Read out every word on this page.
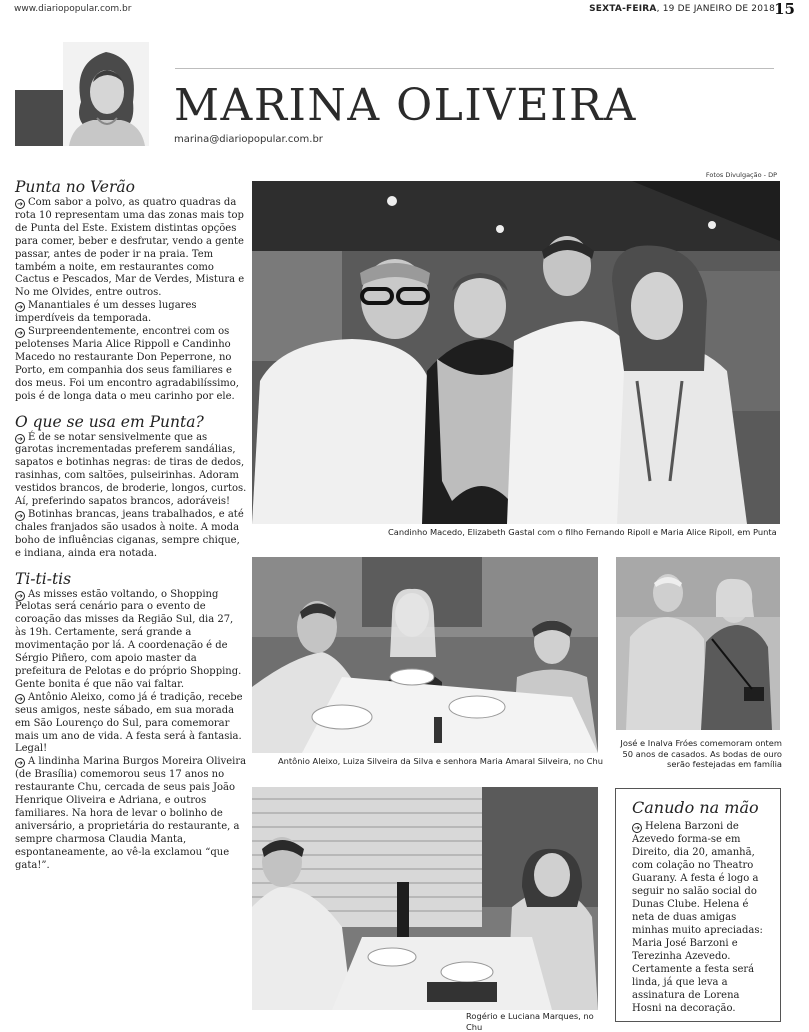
www.diariopopular.com.br	SEXTA-FEIRA, 19 DE JANEIRO DE 2018 15
MARINA OLIVEIRA
marina@diariopopular.com.br
Fotos Divulgação - DP
Punta no Verão

➔ Com sabor a polvo, as quatro quadras da rota 10 representam uma das zonas mais top de Punta del Este. Existem distintas opções para comer, beber e desfrutar, vendo a gente passar, antes de poder ir na praia. Tem também a noite, em restaurantes como Cactus e Pescados, Mar de Verdes, Mistura e No me Olvides, entre outros.

➔ Manantiales é um desses lugares imperdíveis da temporada.

➔ Surpreendentemente, encontrei com os pelotenses Maria Alice Rippoll e Candinho Macedo no restaurante Don Peperrone, no Porto, em companhia dos seus familiares e dos meus. Foi um encontro agradabilíssimo, pois é de longa data o meu carinho por ele.

O que se usa em Punta?

➔ É de se notar sensivelmente que as garotas incrementadas preferem sandálias, sapatos e botinhas negras: de tiras de dedos, rasinhas, com saltões, pulseirinhas. Adoram vestidos brancos, de broderie, longos, curtos. Aí, preferindo sapatos brancos, adoráveis!

➔ Botinhas brancas, jeans trabalhados, e até chales franjados são usados à noite. A moda boho de influências ciganas, sempre chique, e indiana, ainda era notada.

Ti-ti-tis

➔ As misses estão voltando, o Shopping Pelotas será cenário para o evento de coroação das misses da Região Sul, dia 27, às 19h. Certamente, será grande a movimentação por lá. A coordenação é de Sérgio Piñero, com apoio master da prefeitura de Pelotas e do próprio Shopping. Gente bonita é que não vai faltar.

➔ Antônio Aleixo, como já é tradição, recebe seus amigos, neste sábado, em sua morada em São Lourenço do Sul, para comemorar mais um ano de vida. A festa será à fantasia. Legal!

➔ A lindinha Marina Burgos Moreira Oliveira (de Brasília) comemorou seus 17 anos no restaurante Chu, cercada de seus pais João Henrique Oliveira e Adriana, e outros familiares. Na hora de levar o bolinho de aniversário, a proprietária do restaurante, a sempre charmosa Claudia Manta, espontaneamente, ao vê-la exclamou “que gata!”.

Candinho Macedo, Elizabeth Gastal com o filho Fernando Ripoll e Maria Alice Ripoll, em Punta
Antônio Aleixo, Luiza Silveira da Silva e senhora Maria Amaral Silveira, no Chu
José e Inalva Fróes comemoram ontem 50 anos de casados. As bodas de ouro serão festejadas em família
Rogério e Luciana Marques, no Chu
Canudo na mão

➔ Helena Barzoni de Azevedo forma-se em Direito, dia 20, amanhã, com colação no Theatro Guarany. A festa é logo a seguir no salão social do Dunas Clube. Helena é neta de duas amigas minhas muito apreciadas: Maria José Barzoni e Terezinha Azevedo. Certamente a festa será linda, já que leva a assinatura de Lorena Hosni na decoração.
